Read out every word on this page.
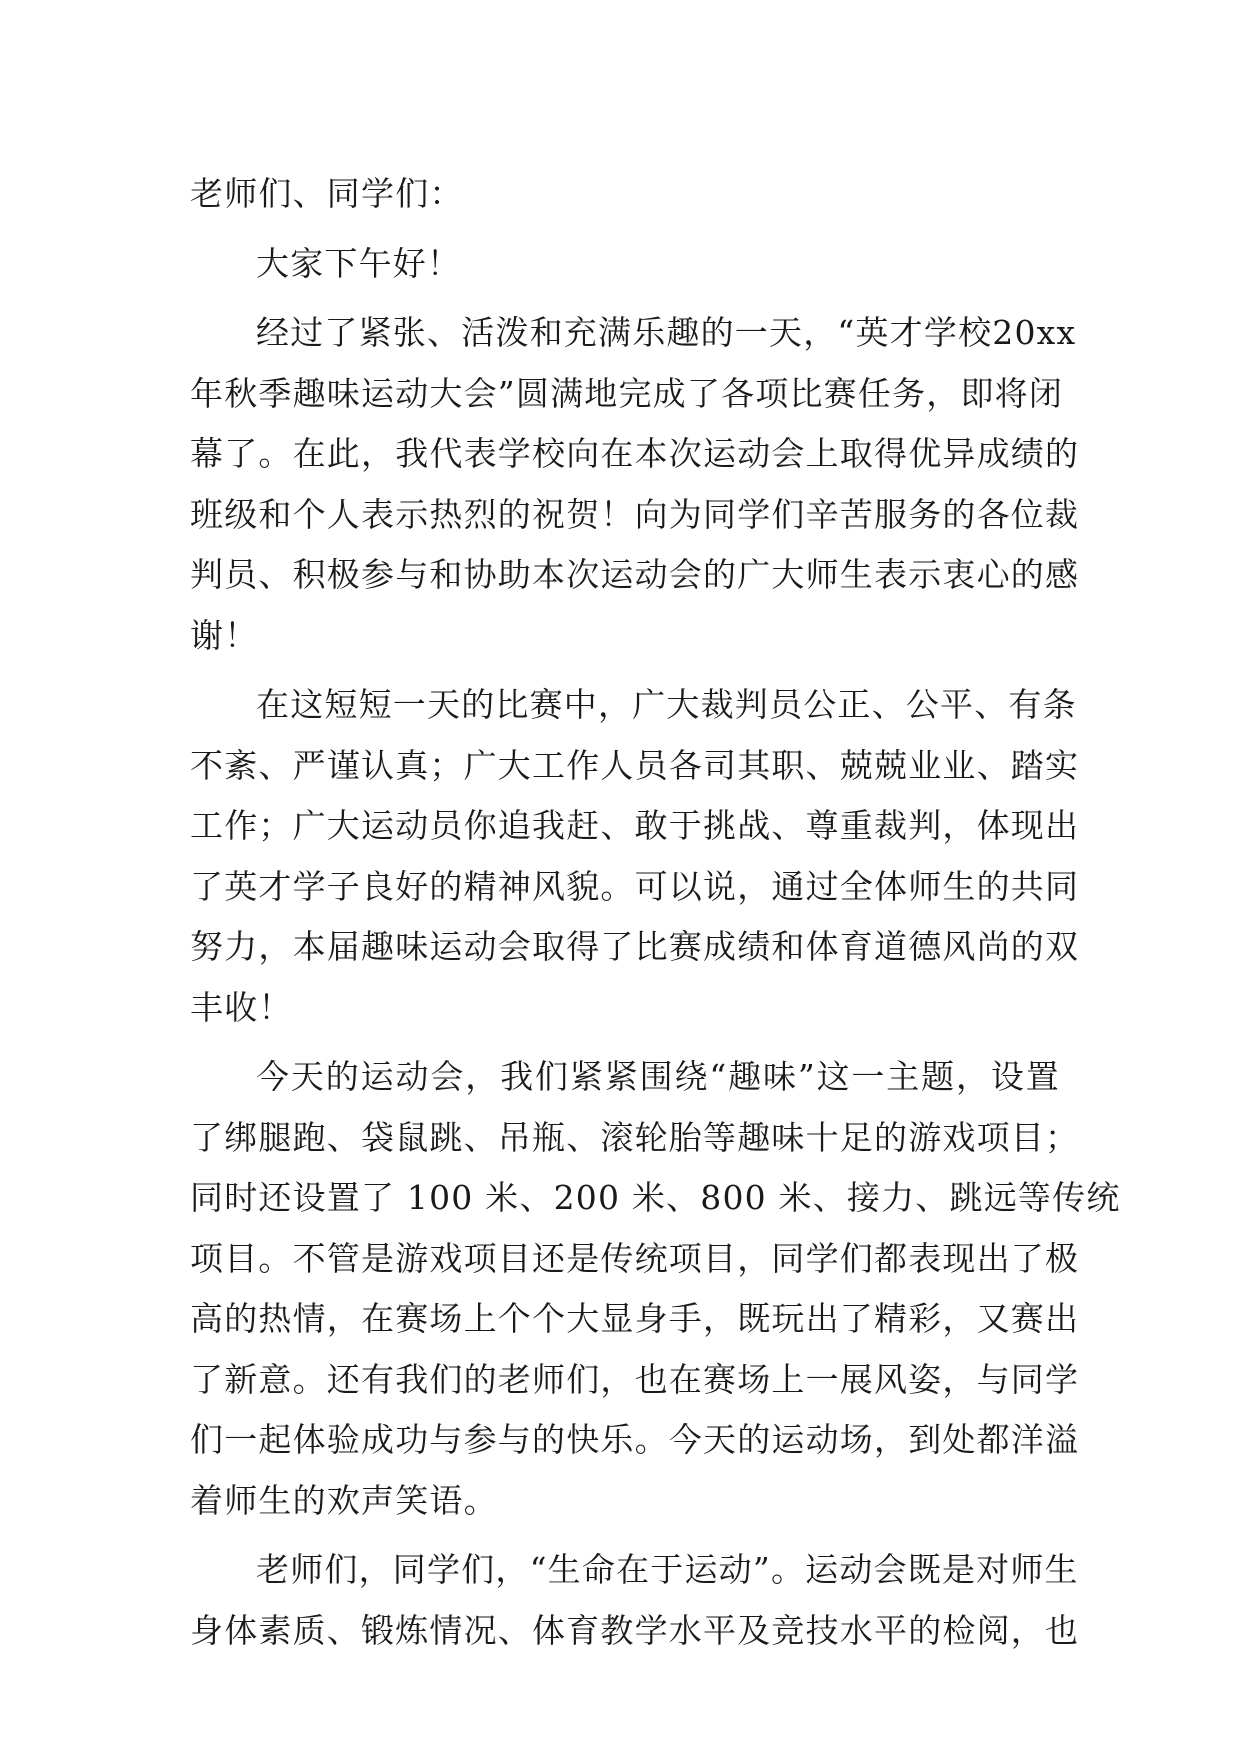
老师们、同学们：
大家下午好！
经过了紧张、活泼和充满乐趣的一天，“英才学校20xx
年秋季趣味运动大会”圆满地完成了各项比赛任务，即将闭
幕了。在此，我代表学校向在本次运动会上取得优异成绩的
班级和个人表示热烈的祝贺！向为同学们辛苦服务的各位裁
判员、积极参与和协助本次运动会的广大师生表示衷心的感
谢！
在这短短一天的比赛中，广大裁判员公正、公平、有条
不紊、严谨认真；广大工作人员各司其职、兢兢业业、踏实
工作；广大运动员你追我赶、敢于挑战、尊重裁判，体现出
了英才学子良好的精神风貌。可以说，通过全体师生的共同
努力，本届趣味运动会取得了比赛成绩和体育道德风尚的双
丰收！
今天的运动会，我们紧紧围绕“趣味”这一主题，设置
了绑腿跑、袋鼠跳、吊瓶、滚轮胎等趣味十足的游戏项目；
同时还设置了 100 米、200 米、800 米、接力、跳远等传统
项目。不管是游戏项目还是传统项目，同学们都表现出了极
高的热情，在赛场上个个大显身手，既玩出了精彩，又赛出
了新意。还有我们的老师们，也在赛场上一展风姿，与同学
们一起体验成功与参与的快乐。今天的运动场，到处都洋溢
着师生的欢声笑语。
老师们，同学们，“生命在于运动”。运动会既是对师生
身体素质、锻炼情况、体育教学水平及竞技水平的检阅，也
